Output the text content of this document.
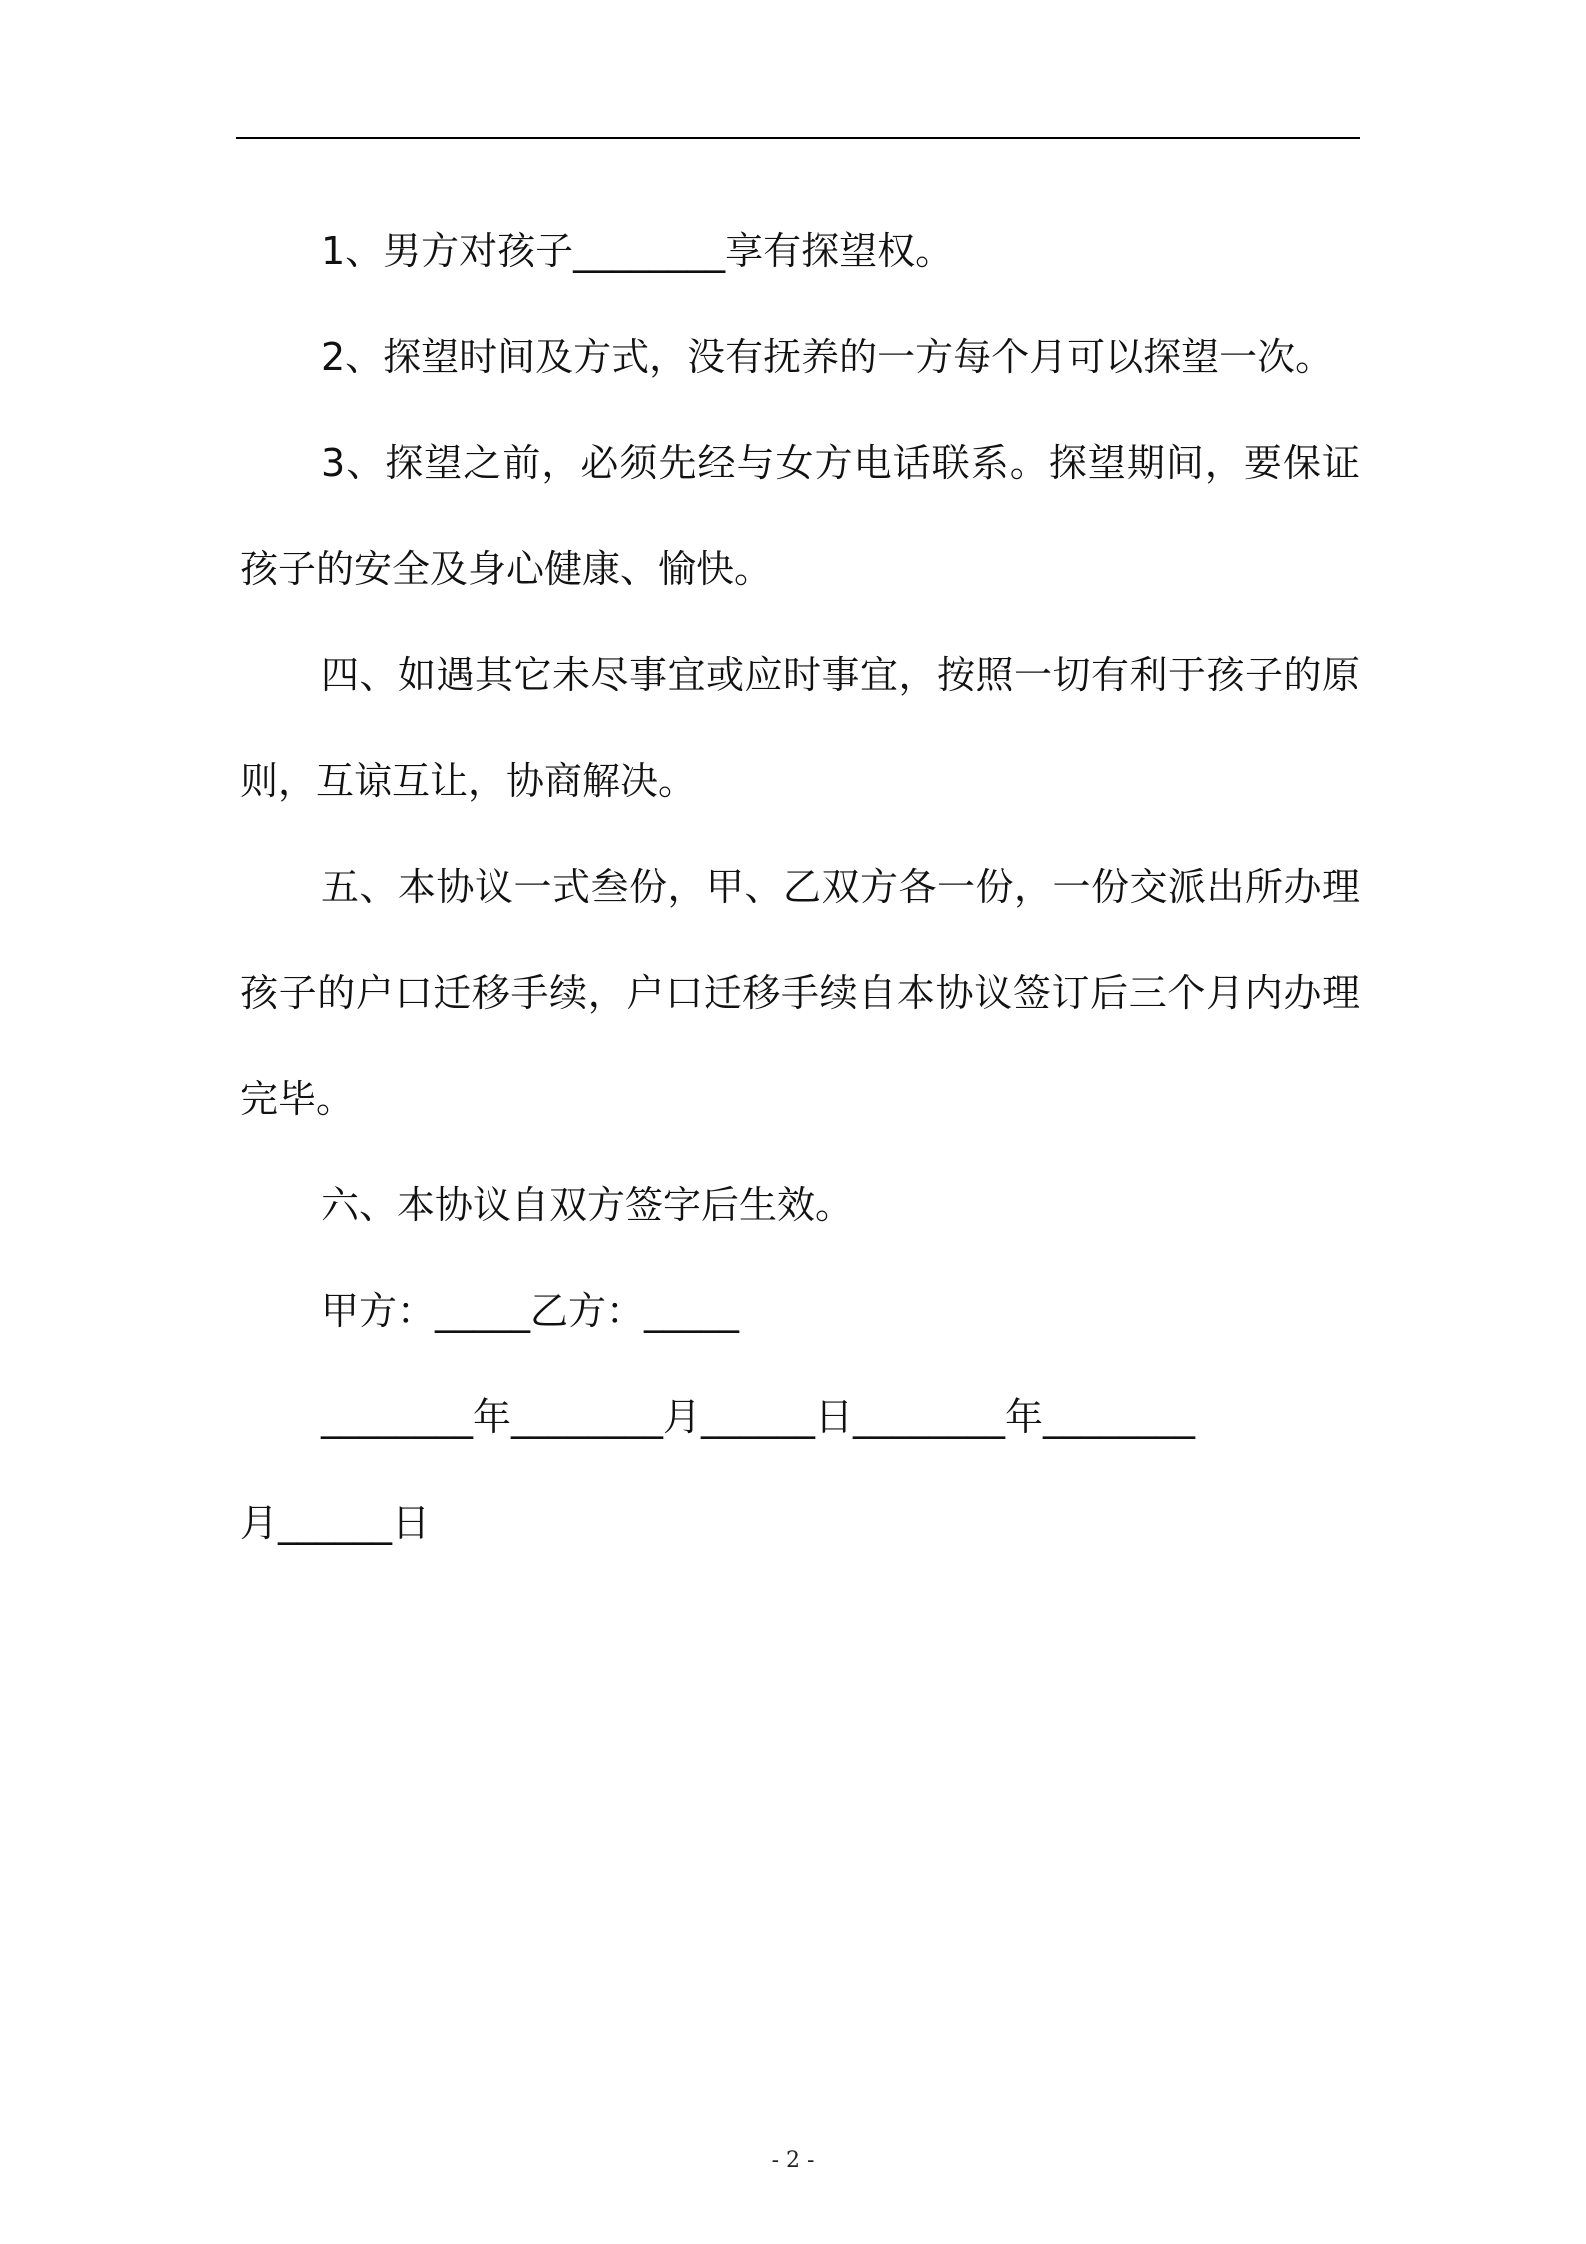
1、男方对孩子________享有探望权。

2、探望时间及方式，没有抚养的一方每个月可以探望一次。

3、探望之前，必须先经与女方电话联系。探望期间，要保证孩子的安全及身心健康、愉快。

四、如遇其它未尽事宜或应时事宜，按照一切有利于孩子的原则，互谅互让，协商解决。

五、本协议一式叁份，甲、乙双方各一份，一份交派出所办理孩子的户口迁移手续，户口迁移手续自本协议签订后三个月内办理完毕。

六、本协议自双方签字后生效。

甲方：_____乙方：_____

________年________月______日________年________

月______日

- 2 -
